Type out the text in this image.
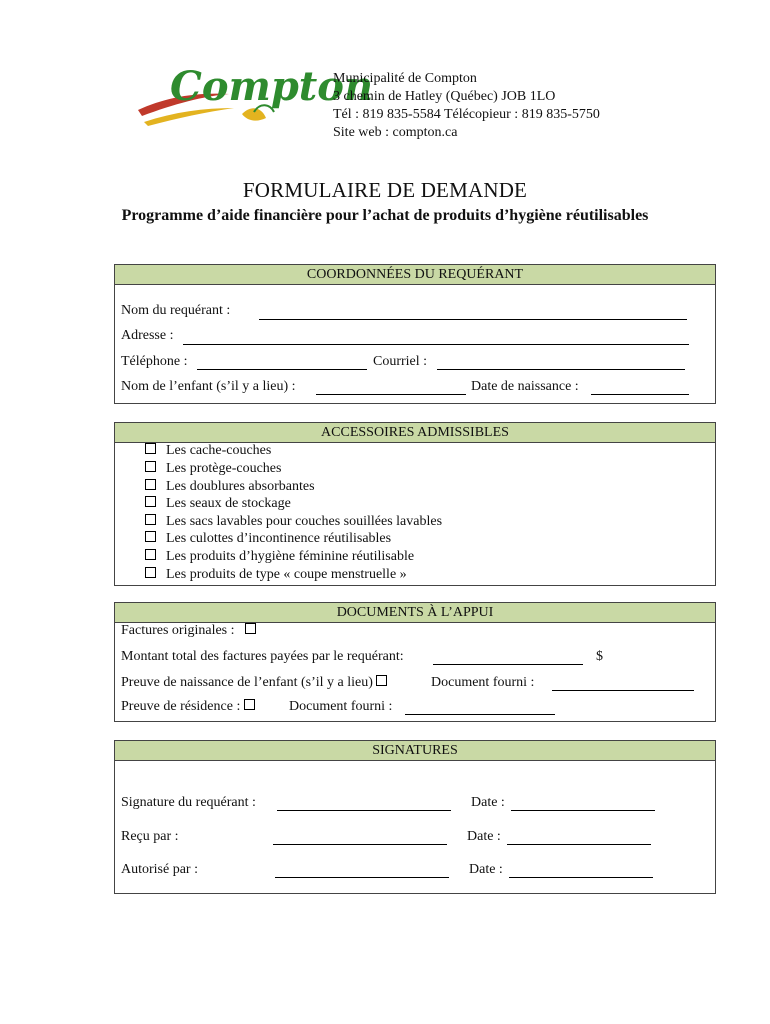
Compton
Municipalité de Compton
3 chemin de Hatley (Québec) JOB 1LO
Tél : 819 835-5584 Télécopieur : 819 835-5750
Site web : compton.ca
FORMULAIRE DE DEMANDE
Programme d’aide financière pour l’achat de produits d’hygiène réutilisables
COORDONNÉES DU REQUÉRANT
Nom du requérant :
Adresse :
Téléphone :	Courriel :
Nom de l’enfant (s’il y a lieu) :	Date de naissance :
ACCESSOIRES ADMISSIBLES
Les cache-couches
Les protège-couches
Les doublures absorbantes
Les seaux de stockage
Les sacs lavables pour couches souillées lavables
Les culottes d’incontinence réutilisables
Les produits d’hygiène féminine réutilisable
Les produits de type « coupe menstruelle »
DOCUMENTS À L’APPUI
Factures originales :
Montant total des factures payées par le requérant:	$
Preuve de naissance de l’enfant (s’il y a lieu)	Document fourni :
Preuve de résidence :	Document fourni :
SIGNATURES
Signature du requérant :	Date :
Reçu par :	Date :
Autorisé par :	Date :
